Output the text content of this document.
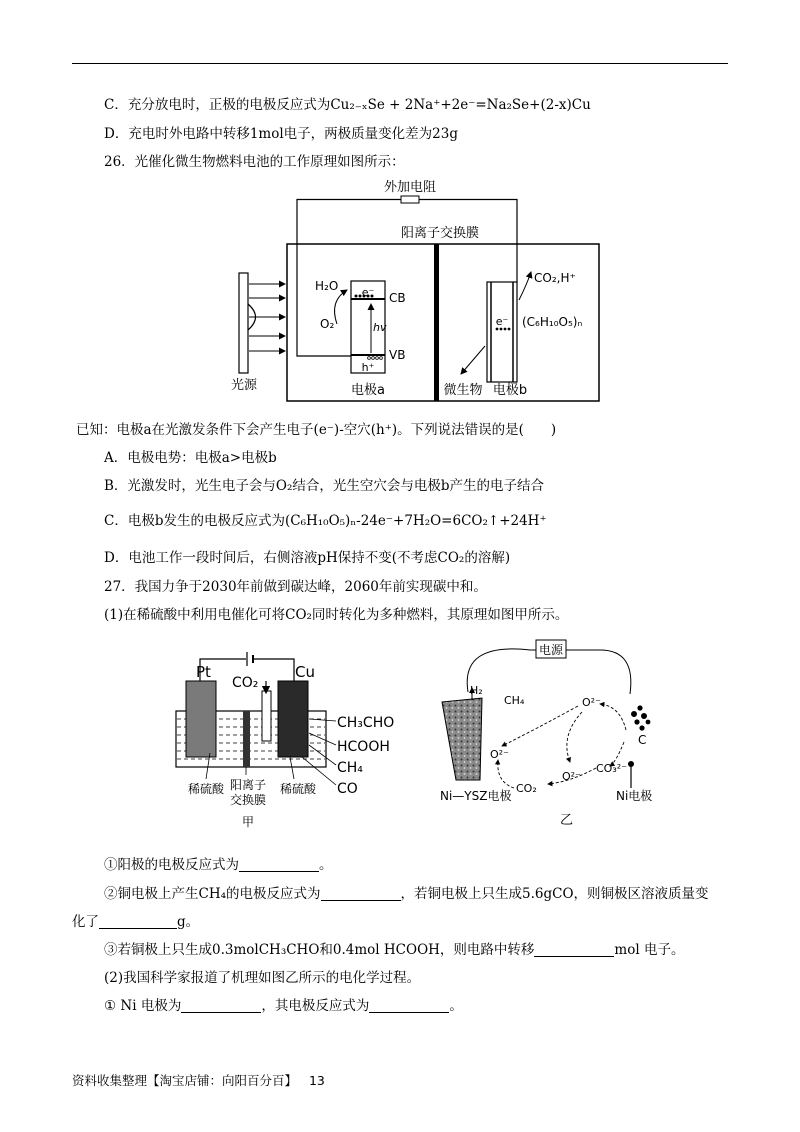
C．充分放电时，正极的电极反应式为Cu₂₋ₓSe + 2Na⁺+2e⁻=Na₂Se+(2-x)Cu
D．充电时外电路中转移1mol电子，两极质量变化差为23g
26．光催化微生物燃料电池的工作原理如图所示：
外加电阻
阳离子交换膜
光源
e⁻
h⁺
hv
CB
VB
H₂O
O₂
电极a
e⁻
CO₂,H⁺
(C₆H₁₀O₅)ₙ
微生物 电极b
已知：电极a在光激发条件下会产生电子(e⁻)-空穴(h⁺)。下列说法错误的是(　　)
A．电极电势：电极a>电极b
B．光激发时，光生电子会与O₂结合，光生空穴会与电极b产生的电子结合
C．电极b发生的电极反应式为(C₆H₁₀O₅)ₙ-24e⁻+7H₂O=6CO₂↑+24H⁺
D．电池工作一段时间后，右侧溶液pH保持不变(不考虑CO₂的溶解)
27．我国力争于2030年前做到碳达峰，2060年前实现碳中和。
(1)在稀硫酸中利用电催化可将CO₂同时转化为多种燃料，其原理如图甲所示。
Pt	Cu
CO₂
CH₃CHO
HCOOH
CH₄
CO
稀硫酸 阳离子
交换膜
甲
稀硫酸
电源
H₂
CH₄	O²⁻
O²⁻
O²⁻
CO₃²⁻
CO₂
C
Ni—YSZ电极	Ni电极
乙
①阳极的电极反应式为	。
②铜电极上产生CH₄的电极反应式为	，若铜电极上只生成5.6gCO，则铜极区溶液质量变
化了	g。
③若铜极上只生成0.3molCH₃CHO和0.4mol HCOOH，则电路中转移	mol 电子。
(2)我国科学家报道了机理如图乙所示的电化学过程。
① Ni 电极为	，其电极反应式为	。
资料收集整理【淘宝店铺：向阳百分百】 13
